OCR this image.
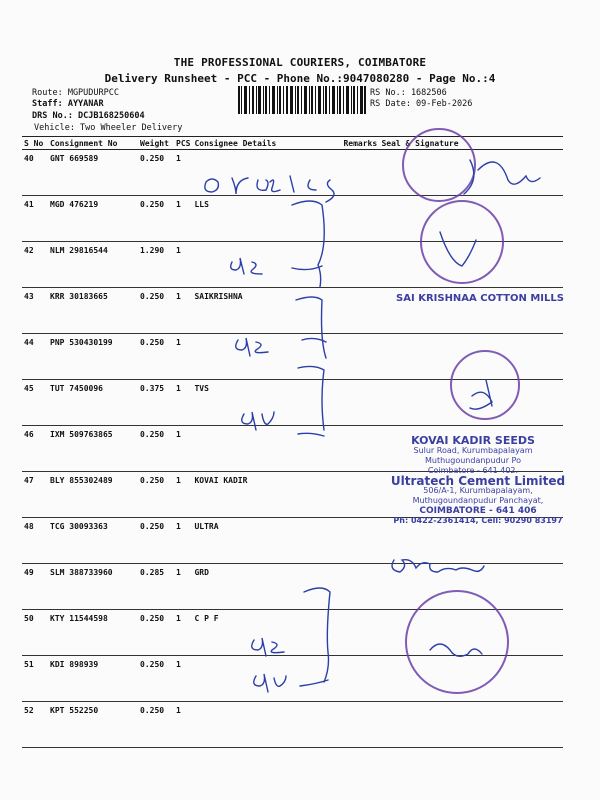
THE PROFESSIONAL COURIERS, COIMBATORE
Delivery Runsheet - PCC - Phone No.:9047080280 - Page No.:4
Route: MGPUDURPCC
Staff: AYYANAR
DRS No.: DCJB168250604
Vehicle: Two Wheeler Delivery
RS No.: 1682506
RS Date: 09-Feb-2026
S No	Consignment No	Weight	PCS	Consignee Details	Remarks	Seal & Signature
40	GNT 669589	0.250	1			
41	MGD 476219	0.250	1	LLS		
42	NLM 29816544	1.290	1			
43	KRR 30183665	0.250	1	SAIKRISHNA		
44	PNP 530430199	0.250	1			
45	TUT 7450096	0.375	1	TVS		
46	IXM 509763865	0.250	1			
47	BLY 855302489	0.250	1	KOVAI KADIR		
48	TCG 30093363	0.250	1	ULTRA		
49	SLM 388733960	0.285	1	GRD		
50	KTY 11544598	0.250	1	C P F		
51	KDI 898939	0.250	1			
52	KPT 552250	0.250	1			
SAI KRISHNAA COTTON MILLS
KOVAI KADIR SEEDS
Sulur Road, Kurumbapalayam
Muthugoundanpudur Po
Coimbatore - 641 402.
Ultratech Cement Limited
506/A-1, Kurumbapalayam,
Muthugoundanpudur Panchayat,
COIMBATORE - 641 406
Ph: 0422-2361414, Cell: 90290 83197
